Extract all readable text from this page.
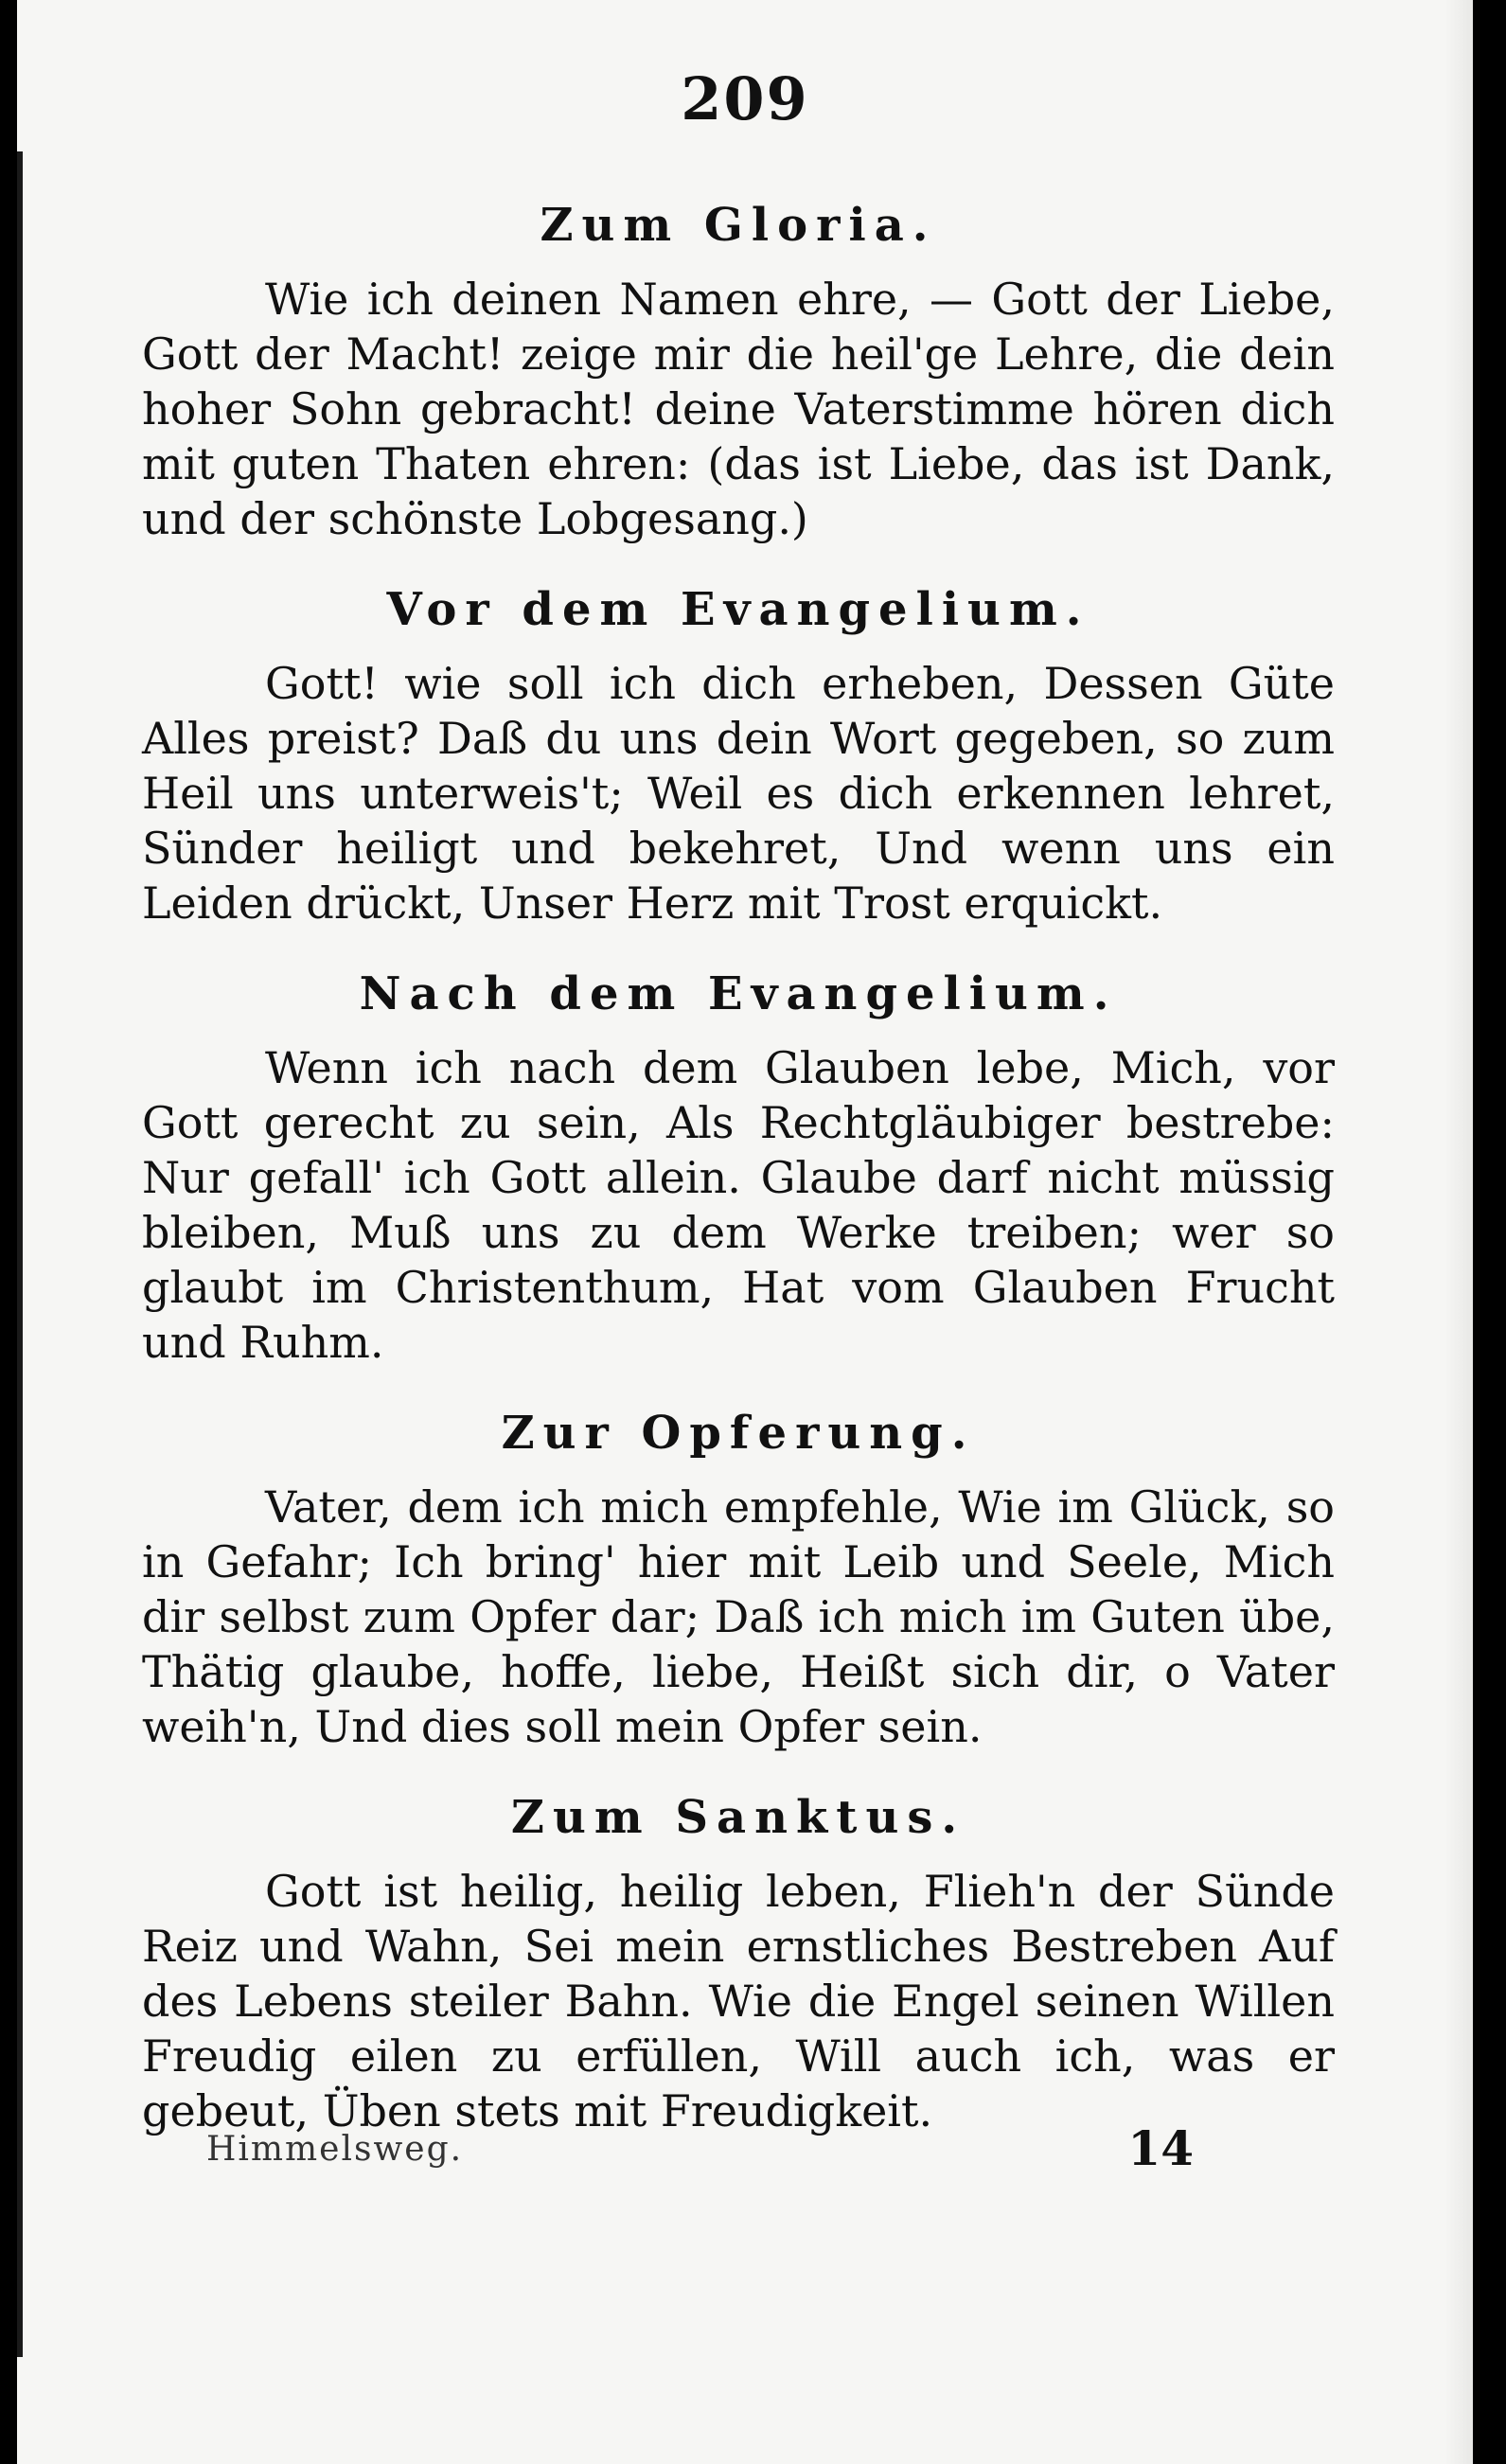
209
Zum Gloria.

Wie ich deinen Namen ehre, — Gott der Liebe, Gott der Macht! zeige mir die heil'ge Lehre, die dein hoher Sohn gebracht! deine Vaterstimme hören dich mit guten Thaten ehren: (das ist Liebe, das ist Dank, und der schönste Lobgesang.)

Vor dem Evangelium.

Gott! wie soll ich dich erheben, Dessen Güte Alles preist? Daß du uns dein Wort gegeben, so zum Heil uns unterweis't; Weil es dich erkennen lehret, Sünder heiligt und bekehret, Und wenn uns ein Leiden drückt, Unser Herz mit Trost erquickt.

Nach dem Evangelium.

Wenn ich nach dem Glauben lebe, Mich, vor Gott gerecht zu sein, Als Rechtgläubiger bestrebe: Nur gefall' ich Gott allein. Glaube darf nicht müssig bleiben, Muß uns zu dem Werke treiben; wer so glaubt im Christenthum, Hat vom Glauben Frucht und Ruhm.

Zur Opferung.

Vater, dem ich mich empfehle, Wie im Glück, so in Gefahr; Ich bring' hier mit Leib und Seele, Mich dir selbst zum Opfer dar; Daß ich mich im Guten übe, Thätig glaube, hoffe, liebe, Heißt sich dir, o Vater weih'n, Und dies soll mein Opfer sein.

Zum Sanktus.

Gott ist heilig, heilig leben, Flieh'n der Sünde Reiz und Wahn, Sei mein ernstliches Bestreben Auf des Lebens steiler Bahn. Wie die Engel seinen Willen Freudig eilen zu erfüllen, Will auch ich, was er gebeut, Üben stets mit Freudigkeit.

Himmelsweg.	14
